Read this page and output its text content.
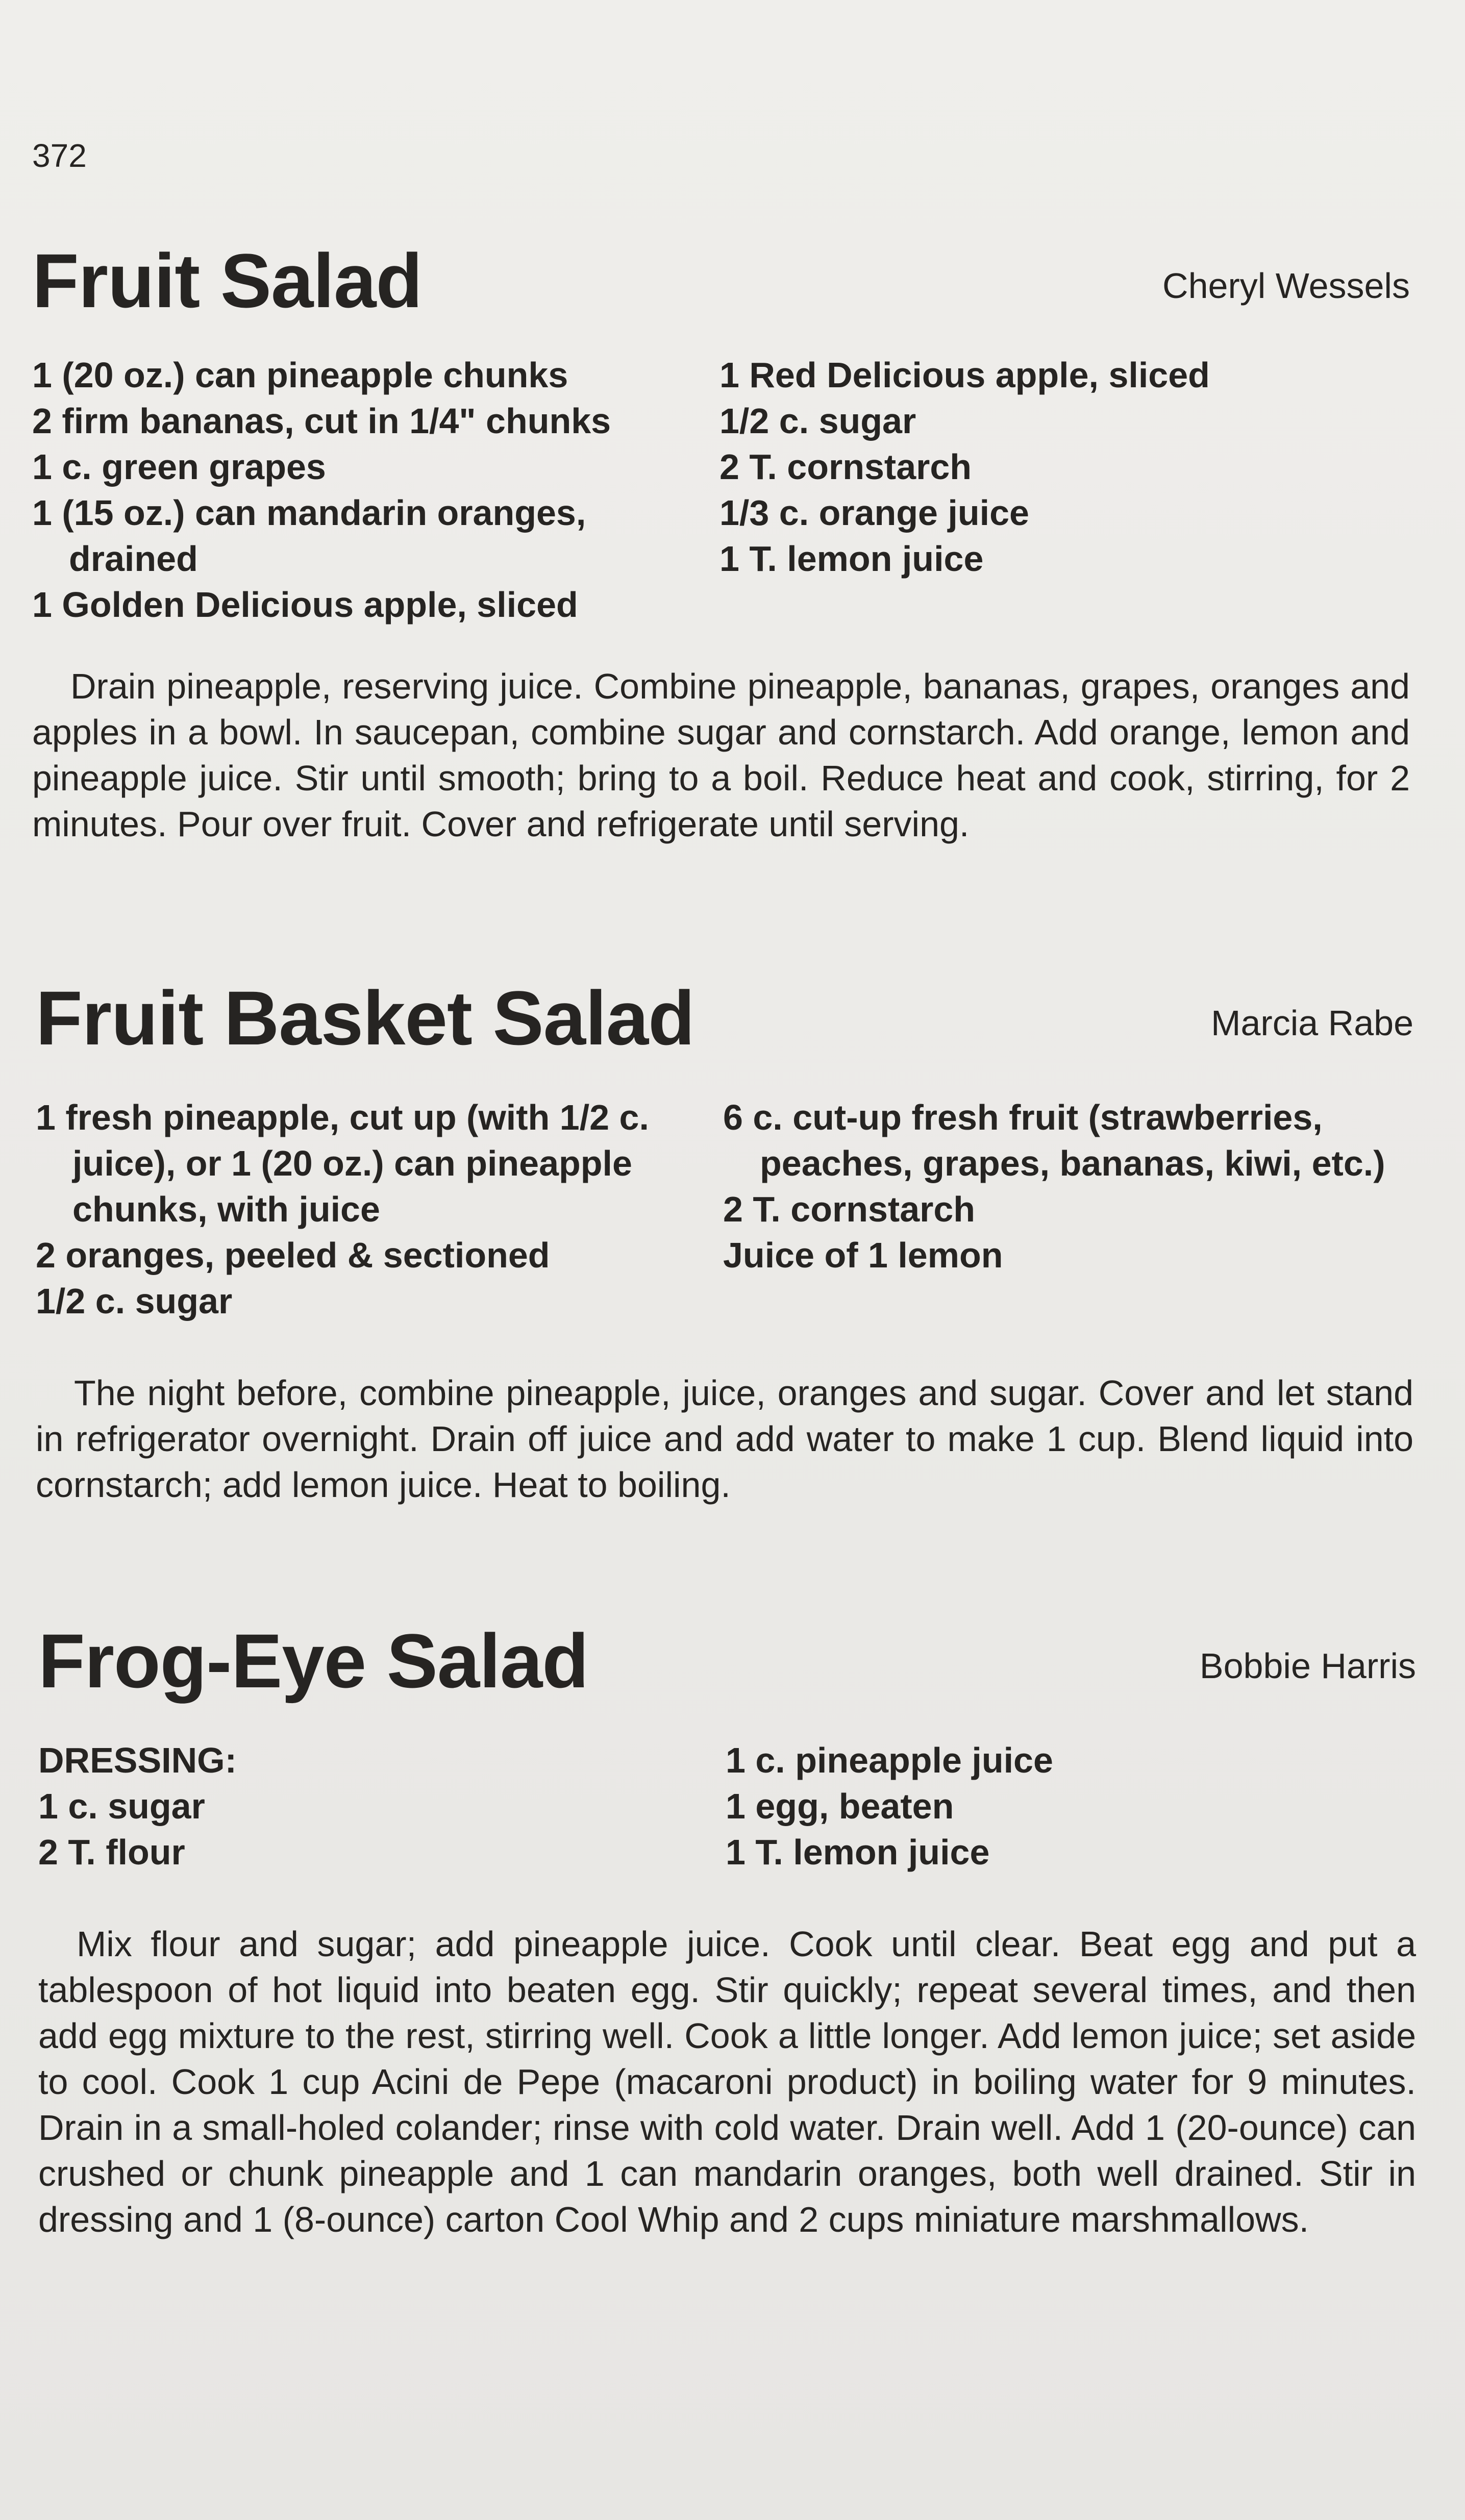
372
Fruit Salad	Cheryl Wessels
1 (20 oz.) can pineapple chunks
2 firm bananas, cut in 1/4" chunks
1 c. green grapes
1 (15 oz.) can mandarin oranges, drained
1 Golden Delicious apple, sliced
1 Red Delicious apple, sliced
1/2 c. sugar
2 T. cornstarch
1/3 c. orange juice
1 T. lemon juice

Drain pineapple, reserving juice. Combine pineapple, bananas, grapes, oranges and apples in a bowl. In saucepan, combine sugar and cornstarch. Add orange, lemon and pineapple juice. Stir until smooth; bring to a boil. Reduce heat and cook, stirring, for 2 minutes. Pour over fruit. Cover and refrigerate until serving.

Fruit Basket Salad	Marcia Rabe
1 fresh pineapple, cut up (with 1/2 c. juice), or 1 (20 oz.) can pineapple chunks, with juice
2 oranges, peeled & sectioned
1/2 c. sugar
6 c. cut-up fresh fruit (strawberries, peaches, grapes, bananas, kiwi, etc.)
2 T. cornstarch
Juice of 1 lemon

The night before, combine pineapple, juice, oranges and sugar. Cover and let stand in refrigerator overnight. Drain off juice and add water to make 1 cup. Blend liquid into cornstarch; add lemon juice. Heat to boiling.

Frog-Eye Salad	Bobbie Harris
DRESSING:
1 c. sugar
2 T. flour
1 c. pineapple juice
1 egg, beaten
1 T. lemon juice

Mix flour and sugar; add pineapple juice. Cook until clear. Beat egg and put a tablespoon of hot liquid into beaten egg. Stir quickly; repeat several times, and then add egg mixture to the rest, stirring well. Cook a little longer. Add lemon juice; set aside to cool. Cook 1 cup Acini de Pepe (macaroni product) in boiling water for 9 minutes. Drain in a small-holed colander; rinse with cold water. Drain well. Add 1 (20-ounce) can crushed or chunk pineapple and 1 can mandarin oranges, both well drained. Stir in dressing and 1 (8-ounce) carton Cool Whip and 2 cups miniature marshmallows.
